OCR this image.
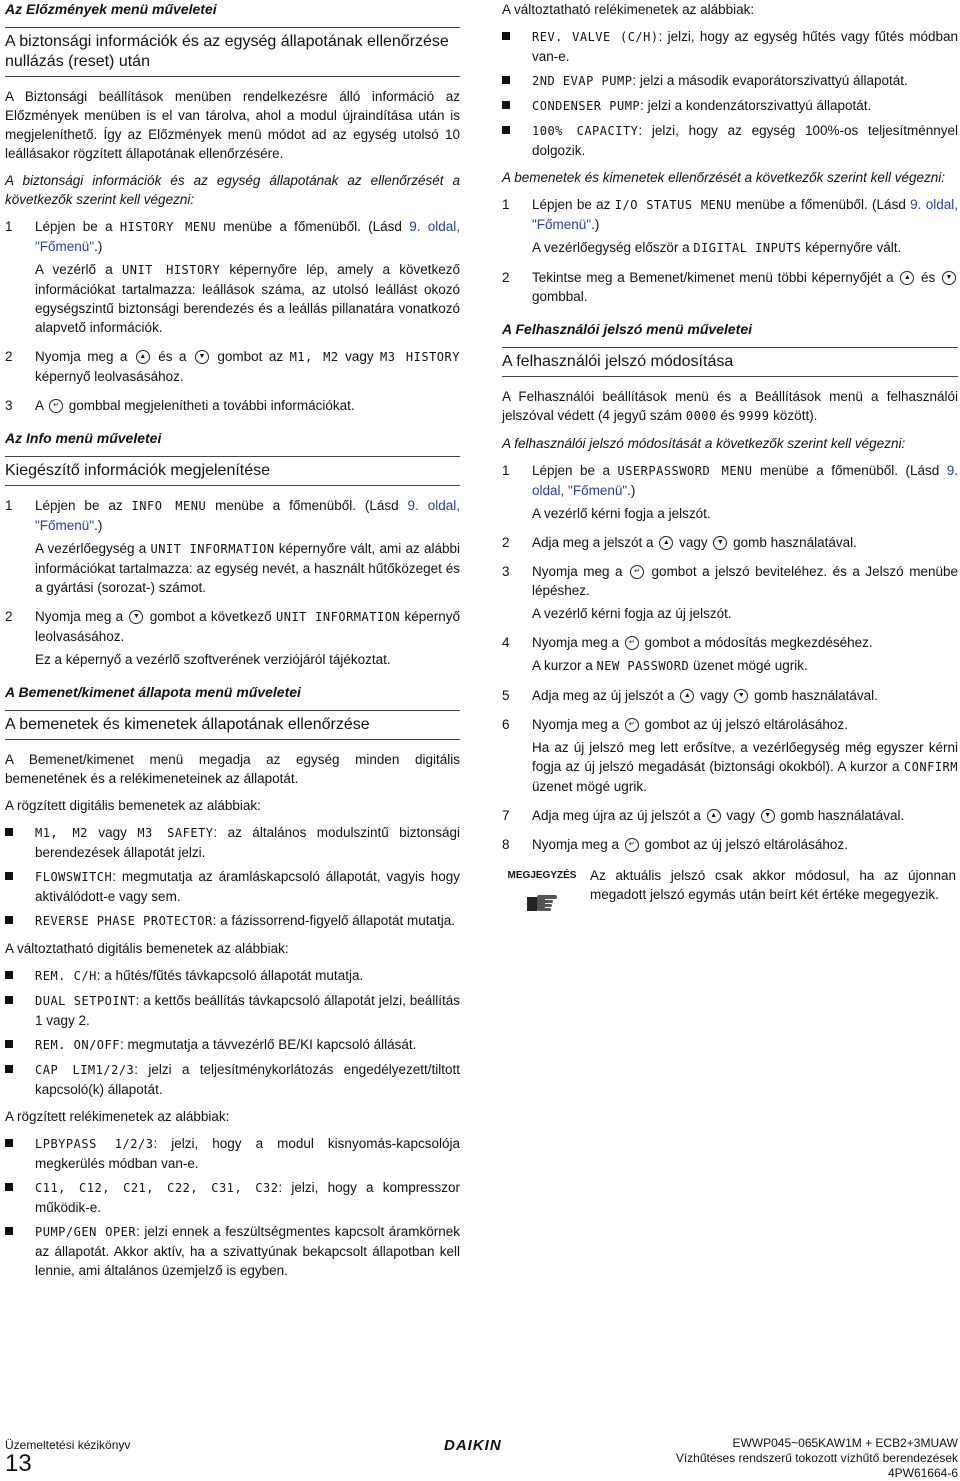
Az Előzmények menü műveletei
A biztonsági információk és az egység állapotának ellenőrzése nullázás (reset) után

A Biztonsági beállítások menüben rendelkezésre álló információ az Előzmények menüben is el van tárolva, ahol a modul újraindítása után is megjeleníthető. Így az Előzmények menü módot ad az egység utolsó 10 leállásakor rögzített állapotának ellenőrzésére.

A biztonsági információk és az egység állapotának az ellenőrzését a következők szerint kell végezni:

1 Lépjen be a HISTORY MENU menübe a főmenüből. (Lásd 9. oldal, "Főmenü".)

A vezérlő a UNIT HISTORY képernyőre lép, amely a következő információkat tartalmazza: leállások száma, az utolsó leállást okozó egységszintű biztonsági berendezés és a leállás pillanatára vonatkozó alapvető információk.

2 Nyomja meg a ▲ és a ▼ gombot az M1, M2 vagy M3 HISTORY képernyő leolvasásához.

3 A ↵ gombbal megjelenítheti a további információkat.

Az Info menü műveletei
Kiegészítő információk megjelenítése
1 Lépjen be az INFO MENU menübe a főmenüből. (Lásd 9. oldal, "Főmenü".)

A vezérlőegység a UNIT INFORMATION képernyőre vált, ami az alábbi információkat tartalmazza: az egység nevét, a használt hűtőközeget és a gyártási (sorozat-) számot.

2 Nyomja meg a ▼ gombot a következő UNIT INFORMATION képernyő leolvasásához.

Ez a képernyő a vezérlő szoftverének verziójáról tájékoztat.

A Bemenet/kimenet állapota menü műveletei
A bemenetek és kimenetek állapotának ellenőrzése

A Bemenet/kimenet menü megadja az egység minden digitális bemenetének és a relékimeneteinek az állapotát.

A rögzített digitális bemenetek az alábbiak:

M1, M2 vagy M3 SAFETY: az általános modulszintű biztonsági berendezések állapotát jelzi.
FLOWSWITCH: megmutatja az áramláskapcsoló állapotát, vagyis hogy aktiválódott-e vagy sem.
REVERSE PHASE PROTECTOR: a fázissorrend-figyelő állapotát mutatja.

A változtatható digitális bemenetek az alábbiak:

REM. C/H: a hűtés/fűtés távkapcsoló állapotát mutatja.
DUAL SETPOINT: a kettős beállítás távkapcsoló állapotát jelzi, beállítás 1 vagy 2.
REM. ON/OFF: megmutatja a távvezérlő BE/KI kapcsoló állását.
CAP LIM1/2/3: jelzi a teljesítménykorlátozás engedélyezett/tiltott kapcsoló(k) állapotát.

A rögzített relékimenetek az alábbiak:

LPBYPASS 1/2/3: jelzi, hogy a modul kisnyomás-kapcsolója megkerülés módban van-e.
C11, C12, C21, C22, C31, C32: jelzi, hogy a kompresszor működik-e.
PUMP/GEN OPER: jelzi ennek a feszültségmentes kapcsolt áramkörnek az állapotát. Akkor aktív, ha a szivattyúnak bekapcsolt állapotban kell lennie, ami általános üzemjelző is egyben.

A változtatható relékimenetek az alábbiak:

REV. VALVE (C/H): jelzi, hogy az egység hűtés vagy fűtés módban van-e.
2ND EVAP PUMP: jelzi a második evaporátorszivattyú állapotát.
CONDENSER PUMP: jelzi a kondenzátorszivattyú állapotát.
100% CAPACITY: jelzi, hogy az egység 100%-os teljesítménnyel dolgozik.

A bemenetek és kimenetek ellenőrzését a következők szerint kell végezni:

1 Lépjen be az I/O STATUS MENU menübe a főmenüből. (Lásd 9. oldal, "Főmenü".)

A vezérlőegység először a DIGITAL INPUTS képernyőre vált.

2 Tekintse meg a Bemenet/kimenet menü többi képernyőjét a ▲ és ▼ gombbal.

A Felhasználói jelszó menü műveletei
A felhasználói jelszó módosítása

A Felhasználói beállítások menü és a Beállítások menü a felhasználói jelszóval védett (4 jegyű szám 0000 és 9999 között).

A felhasználói jelszó módosítását a következők szerint kell végezni:

1 Lépjen be a USERPASSWORD MENU menübe a főmenüből. (Lásd 9. oldal, "Főmenü".)

A vezérlő kérni fogja a jelszót.

2 Adja meg a jelszót a ▲ vagy ▼ gomb használatával.

3 Nyomja meg a ↵ gombot a jelszó beviteléhez. és a Jelszó menübe lépéshez.

A vezérlő kérni fogja az új jelszót.

4 Nyomja meg a ↵ gombot a módosítás megkezdéséhez.

A kurzor a NEW PASSWORD üzenet mögé ugrik.

5 Adja meg az új jelszót a ▲ vagy ▼ gomb használatával.

6 Nyomja meg a ↵ gombot az új jelszó eltárolásához.

Ha az új jelszó meg lett erősítve, a vezérlőegység még egyszer kérni fogja az új jelszó megadását (biztonsági okokból). A kurzor a CONFIRM üzenet mögé ugrik.

7 Adja meg újra az új jelszót a ▲ vagy ▼ gomb használatával.

8 Nyomja meg a ↵ gombot az új jelszó eltárolásához.

MEGJEGYZÉS Az aktuális jelszó csak akkor módosul, ha az újonnan megadott jelszó egymás után beírt két értéke megegyezik.
Üzemeltetési kézikönyv
13
DAIKIN	EWWP045~065KAW1M + ECB2+3MUAW
Vízhűtéses rendszerű tokozott vízhűtő berendezések
4PW61664-6
